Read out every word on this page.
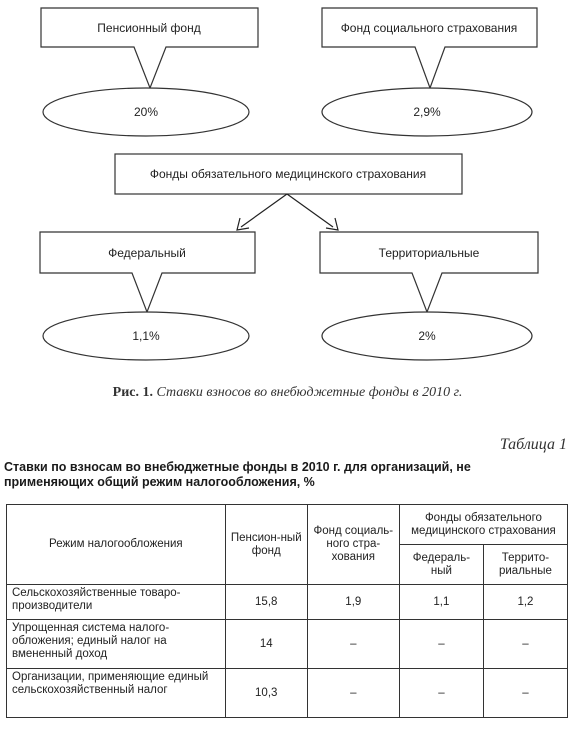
Пенсионный фонд
20%
Фонд социального страхования
2,9%
Фонды обязательного медицинского страхования
Федеральный
1,1%
Территориальные
2%
Рис. 1. Ставки взносов во внебюджетные фонды в 2010 г.
Таблица 1
Ставки по взносам во внебюджетные фонды в 2010 г. для организаций, не применяющих общий режим налогообложения, %
Режим налогообложения	Пенсион-ный фонд	Фонд социаль-ного стра-хования	Фонды обязательного медицинского страхования	
			Федераль-ный	Террито-риальные
Сельскохозяйственные товаро-производители	15,8	1,9	1,1	1,2
Упрощенная система налого-обложения; единый налог на вмененный доход	14	–	–	–
Организации, применяющие единый сельскохозяйственный налог	10,3	–	–	–
